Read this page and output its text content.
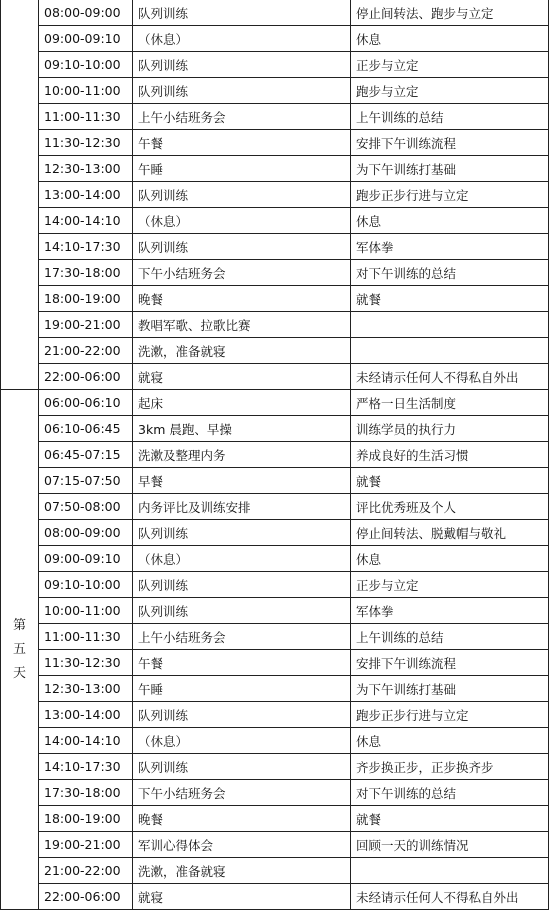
	08:00-09:00	队列训练	停止间转法、跑步与立定
	09:00-09:10	（休息）	休息
	09:10-10:00	队列训练	正步与立定
	10:00-11:00	队列训练	跑步与立定
	11:00-11:30	上午小结班务会	上午训练的总结
	11:30-12:30	午餐	安排下午训练流程
	12:30-13:00	午睡	为下午训练打基础
	13:00-14:00	队列训练	跑步正步行进与立定
	14:00-14:10	（休息）	休息
	14:10-17:30	队列训练	军体拳
	17:30-18:00	下午小结班务会	对下午训练的总结
	18:00-19:00	晚餐	就餐
	19:00-21:00	教唱军歌、拉歌比赛	
	21:00-22:00	洗漱，准备就寝	
	22:00-06:00	就寝	未经请示任何人不得私自外出
第五天	06:00-06:10	起床	严格一日生活制度
	06:10-06:45	3km 晨跑、早操	训练学员的执行力
	06:45-07:15	洗漱及整理内务	养成良好的生活习惯
	07:15-07:50	早餐	就餐
	07:50-08:00	内务评比及训练安排	评比优秀班及个人
	08:00-09:00	队列训练	停止间转法、脱戴帽与敬礼
	09:00-09:10	（休息）	休息
	09:10-10:00	队列训练	正步与立定
	10:00-11:00	队列训练	军体拳
	11:00-11:30	上午小结班务会	上午训练的总结
	11:30-12:30	午餐	安排下午训练流程
	12:30-13:00	午睡	为下午训练打基础
	13:00-14:00	队列训练	跑步正步行进与立定
	14:00-14:10	（休息）	休息
	14:10-17:30	队列训练	齐步换正步，正步换齐步
	17:30-18:00	下午小结班务会	对下午训练的总结
	18:00-19:00	晚餐	就餐
	19:00-21:00	军训心得体会	回顾一天的训练情况
	21:00-22:00	洗漱，准备就寝	
	22:00-06:00	就寝	未经请示任何人不得私自外出
